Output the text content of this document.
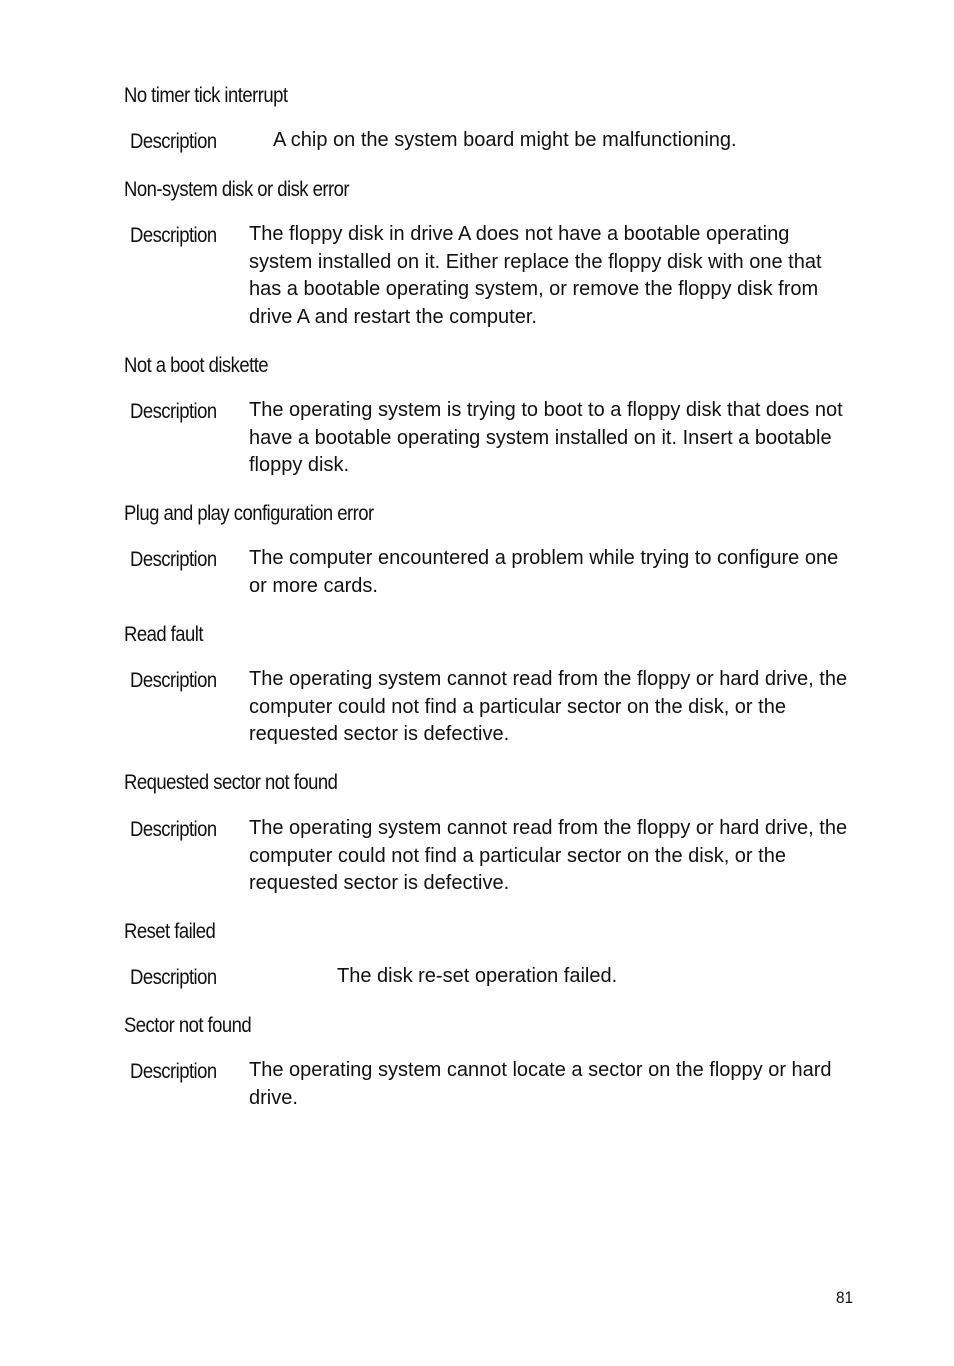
No timer tick interrupt
Description	A chip on the system board might be malfunctioning.
Non-system disk or disk error
Description The floppy disk in drive A does not have a bootable operating system installed on it. Either replace the floppy disk with one that has a bootable operating system, or remove the floppy disk from drive A and restart the computer.
Not a boot diskette
Description The operating system is trying to boot to a floppy disk that does not have a bootable operating system installed on it. Insert a bootable floppy disk.
Plug and play configuration error
Description The computer encountered a problem while trying to configure one or more cards.
Read fault
Description The operating system cannot read from the floppy or hard drive, the computer could not find a particular sector on the disk, or the requested sector is defective.
Requested sector not found
Description The operating system cannot read from the floppy or hard drive, the computer could not find a particular sector on the disk, or the requested sector is defective.
Reset failed
Description	The disk re-set operation failed.
Sector not found
Description The operating system cannot locate a sector on the floppy or hard drive.
81
